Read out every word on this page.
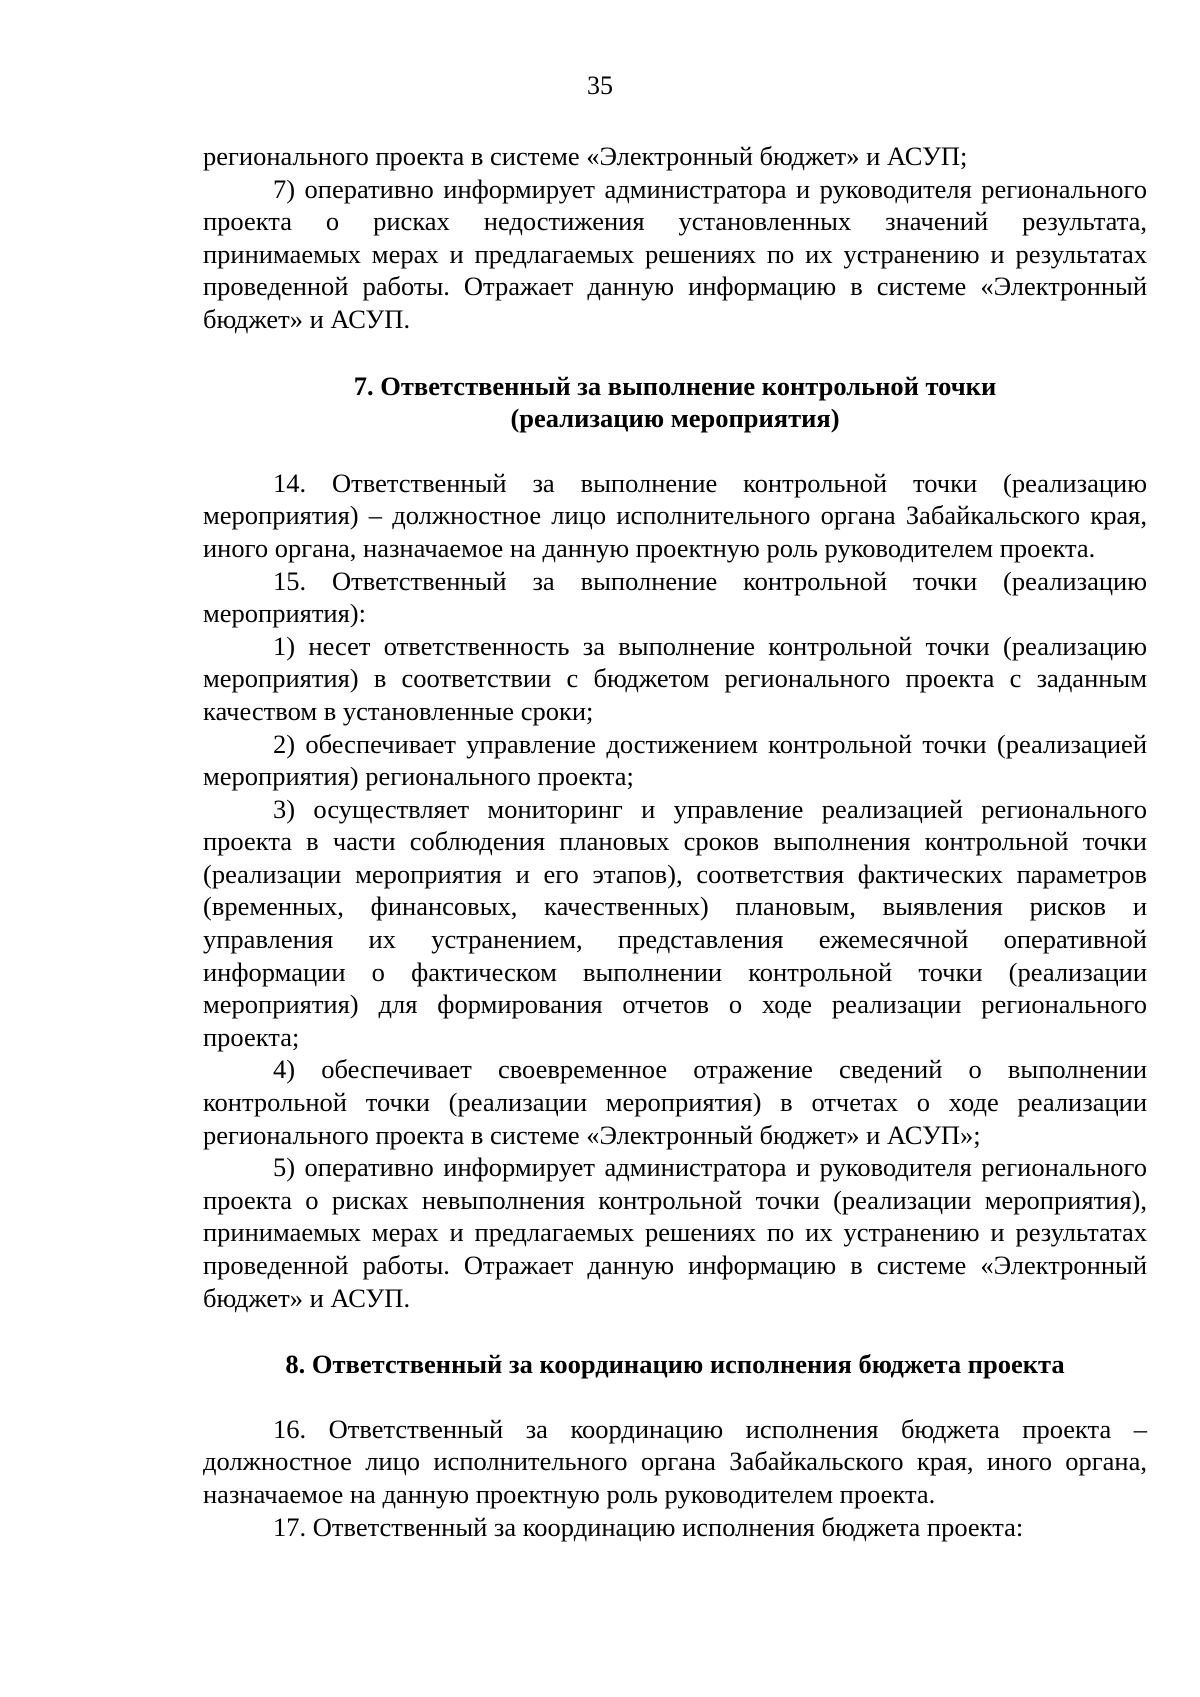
35

регионального проекта в системе «Электронный бюджет» и АСУП;

7) оперативно информирует администратора и руководителя регионального проекта о рисках недостижения установленных значений результата, принимаемых мерах и предлагаемых решениях по их устранению и результатах проведенной работы. Отражает данную информацию в системе «Электронный бюджет» и АСУП.

7. Ответственный за выполнение контрольной точки
(реализацию мероприятия)

14. Ответственный за выполнение контрольной точки (реализацию мероприятия) – должностное лицо исполнительного органа Забайкальского края, иного органа, назначаемое на данную проектную роль руководителем проекта.

15. Ответственный за выполнение контрольной точки (реализацию мероприятия):

1) несет ответственность за выполнение контрольной точки (реализацию мероприятия) в соответствии с бюджетом регионального проекта с заданным качеством в установленные сроки;

2) обеспечивает управление достижением контрольной точки (реализацией мероприятия) регионального проекта;

3) осуществляет мониторинг и управление реализацией регионального проекта в части соблюдения плановых сроков выполнения контрольной точки (реализации мероприятия и его этапов), соответствия фактических параметров (временных, финансовых, качественных) плановым, выявления рисков и управления их устранением, представления ежемесячной оперативной информации о фактическом выполнении контрольной точки (реализации мероприятия) для формирования отчетов о ходе реализации регионального проекта;

4) обеспечивает своевременное отражение сведений о выполнении контрольной точки (реализации мероприятия) в отчетах о ходе реализации регионального проекта в системе «Электронный бюджет» и АСУП»;

5) оперативно информирует администратора и руководителя регионального проекта о рисках невыполнения контрольной точки (реализации мероприятия), принимаемых мерах и предлагаемых решениях по их устранению и результатах проведенной работы. Отражает данную информацию в системе «Электронный бюджет» и АСУП.

8. Ответственный за координацию исполнения бюджета проекта

16. Ответственный за координацию исполнения бюджета проекта – должностное лицо исполнительного органа Забайкальского края, иного органа, назначаемое на данную проектную роль руководителем проекта.

17. Ответственный за координацию исполнения бюджета проекта:
